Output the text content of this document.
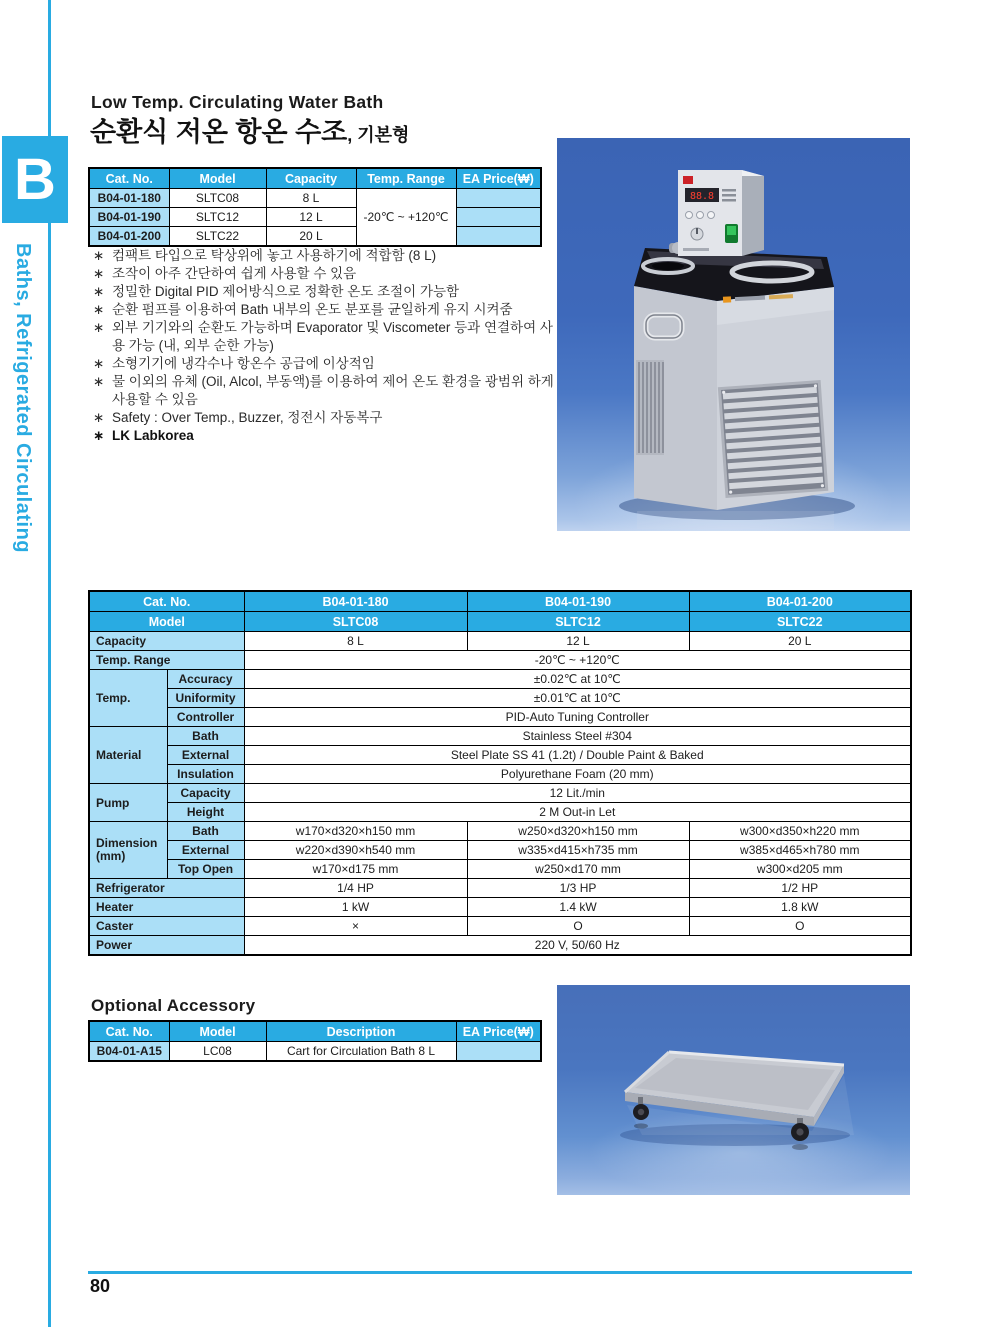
B
Baths, Refrigerated Circulating
Low Temp. Circulating Water Bath
순환식 저온 항온 수조, 기본형
Cat. No.	Model	Capacity	Temp. Range	EA Price(₩)
B04-01-180	SLTC08	8 L	-20℃ ~ +120℃	
B04-01-190	SLTC12	12 L		
B04-01-200	SLTC22	20 L		
∗ 컴팩트 타입으로 탁상위에 놓고 사용하기에 적합함 (8 L)
∗ 조작이 아주 간단하여 쉽게 사용할 수 있음
∗ 정밀한 Digital PID 제어방식으로 정확한 온도 조절이 가능함
∗ 순환 펌프를 이용하여 Bath 내부의 온도 분포를 균일하게 유지 시켜줌
∗ 외부 기기와의 순환도 가능하며 Evaporator 및 Viscometer 등과 연결하여 사용 가능 (내, 외부 순한 가능)
∗ 소형기기에 냉각수나 항온수 공급에 이상적임
∗ 물 이외의 유체 (Oil, Alcol, 부동액)를 이용하여 제어 온도 환경을 광범위 하게 사용할 수 있음
∗ Safety : Over Temp., Buzzer, 정전시 자동복구
∗ LK Labkorea
88.8
Cat. No.		B04-01-180	B04-01-190	B04-01-200
Model		SLTC08	SLTC12	SLTC22
Capacity		8 L	12 L	20 L
Temp. Range		-20℃ ~ +120℃		
Temp.	Accuracy	±0.02℃ at 10℃		
	Uniformity	±0.01℃ at 10℃		
	Controller	PID-Auto Tuning Controller		
Material	Bath	Stainless Steel #304		
	External	Steel Plate SS 41 (1.2t) / Double Paint & Baked		
	Insulation	Polyurethane Foam (20 mm)		
Pump	Capacity	12 Lit./min		
	Height	2 M Out-in Let		
Dimension (mm)	Bath	w170×d320×h150 mm	w250×d320×h150 mm	w300×d350×h220 mm
	External	w220×d390×h540 mm	w335×d415×h735 mm	w385×d465×h780 mm
	Top Open	w170×d175 mm	w250×d170 mm	w300×d205 mm
Refrigerator		1/4 HP	1/3 HP	1/2 HP
Heater		1 kW	1.4 kW	1.8 kW
Caster		×	O	O
Power		220 V, 50/60 Hz		
Optional Accessory
Cat. No.	Model	Description	EA Price(₩)
B04-01-A15	LC08	Cart for Circulation Bath 8 L	
80
